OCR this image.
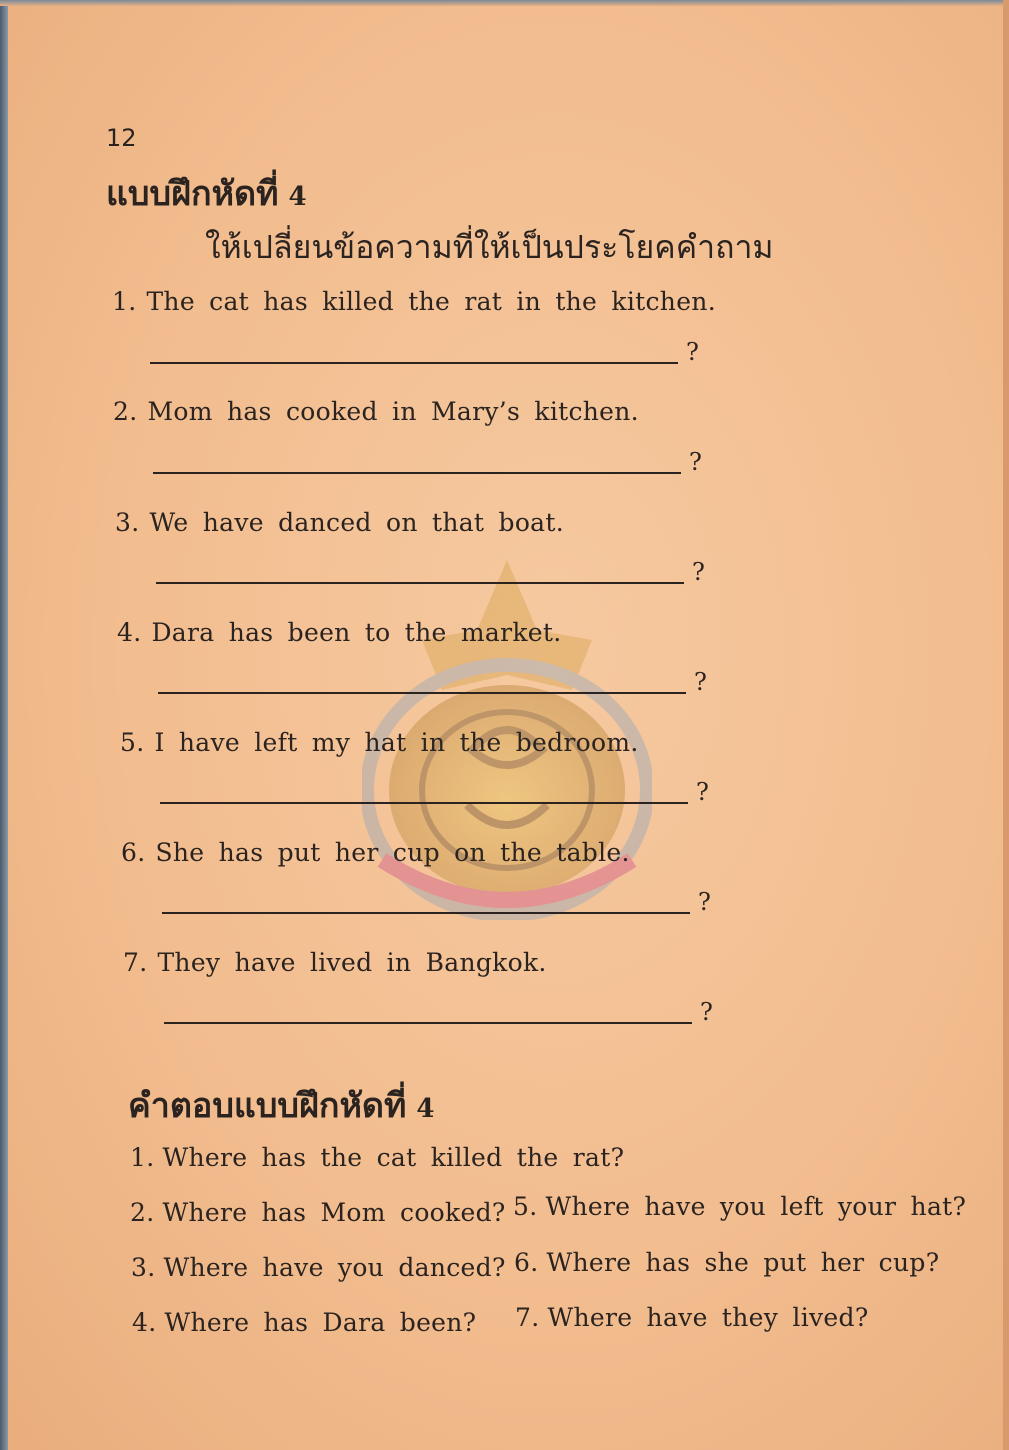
12
แบบฝึกหัดที่ 4
ให้เปลี่ยนข้อความที่ให้เป็นประโยคคำถาม
1. The cat has killed the rat in the kitchen.
?
2. Mom has cooked in Mary’s kitchen.
?
3. We have danced on that boat.
?
4. Dara has been to the market.
?
5. I have left my hat in the bedroom.
?
6. She has put her cup on the table.
?
7. They have lived in Bangkok.
?
คำตอบแบบฝึกหัดที่ 4
1. Where has the cat killed the rat?
2. Where has Mom cooked?
3. Where have you danced?
4. Where has Dara been?
5. Where have you left your hat?
6. Where has she put her cup?
7. Where have they lived?
